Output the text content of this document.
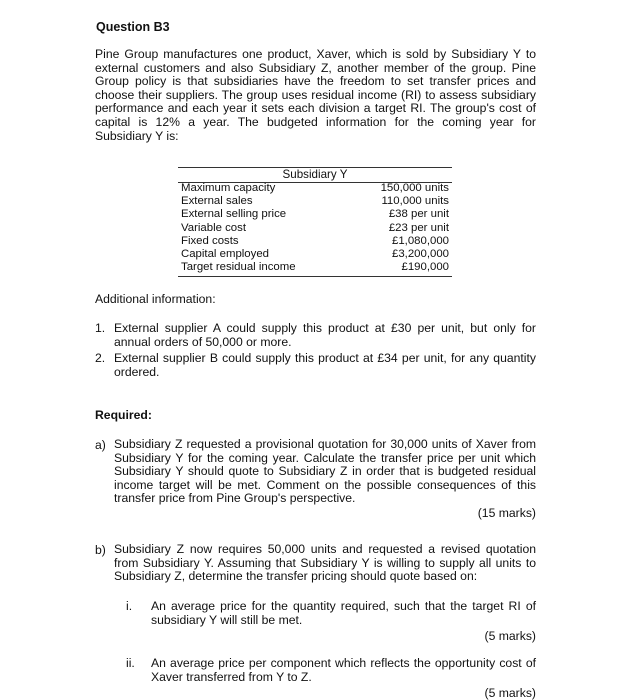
Question B3
Pine Group manufactures one product, Xaver, which is sold by Subsidiary Y to external customers and also Subsidiary Z, another member of the group. Pine Group policy is that subsidiaries have the freedom to set transfer prices and choose their suppliers. The group uses residual income (RI) to assess subsidiary performance and each year it sets each division a target RI. The group's cost of capital is 12% a year. The budgeted information for the coming year for Subsidiary Y is:
Subsidiary Y
Maximum capacity	150,000 units
External sales	110,000 units
External selling price	£38 per unit
Variable cost	£23 per unit
Fixed costs	£1,080,000
Capital employed	£3,200,000
Target residual income	£190,000
Additional information:
1. External supplier A could supply this product at £30 per unit, but only for annual orders of 50,000 or more.
2. External supplier B could supply this product at £34 per unit, for any quantity ordered.
Required:
a) Subsidiary Z requested a provisional quotation for 30,000 units of Xaver from Subsidiary Y for the coming year. Calculate the transfer price per unit which Subsidiary Y should quote to Subsidiary Z in order that is budgeted residual income target will be met. Comment on the possible consequences of this transfer price from Pine Group's perspective.
(15 marks)
b) Subsidiary Z now requires 50,000 units and requested a revised quotation from Subsidiary Y. Assuming that Subsidiary Y is willing to supply all units to Subsidiary Z, determine the transfer pricing should quote based on:
i. An average price for the quantity required, such that the target RI of subsidiary Y will still be met.
(5 marks)
ii. An average price per component which reflects the opportunity cost of Xaver transferred from Y to Z.
(5 marks)
